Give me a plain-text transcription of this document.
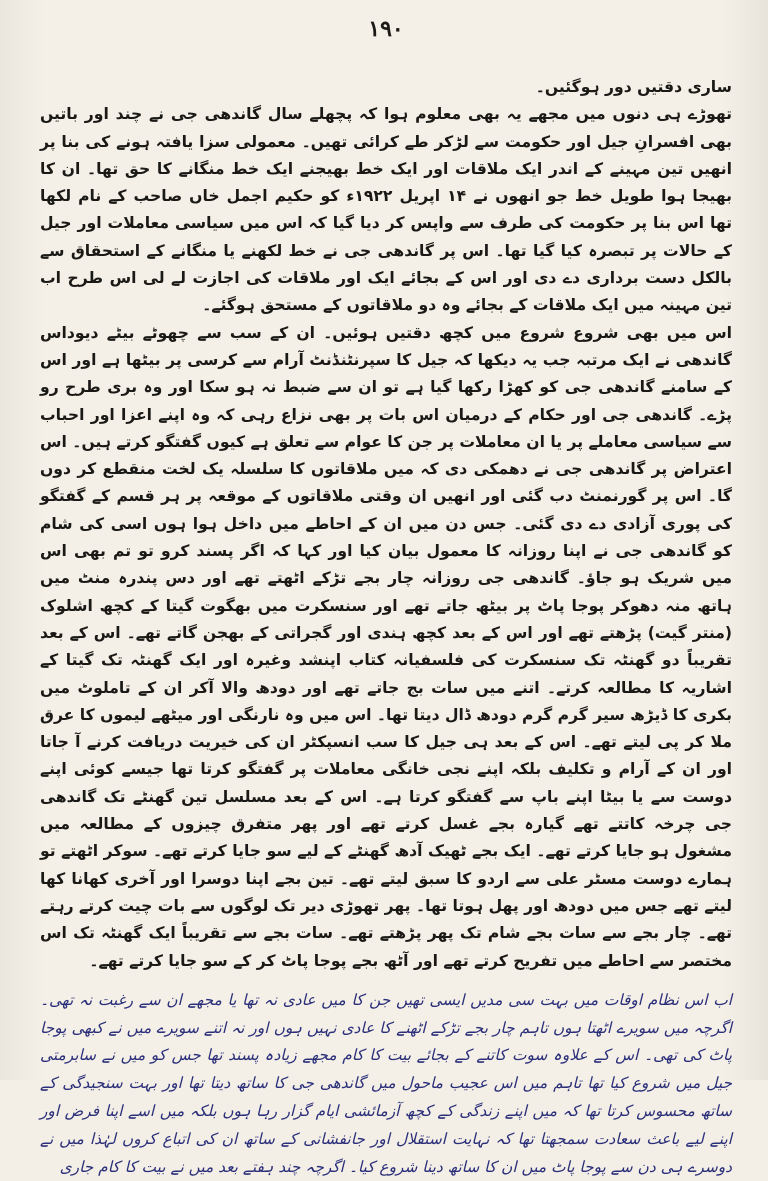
۱۹۰

ساری دقتیں دور ہوگئیں۔

تھوڑے ہی دنوں میں مجھے یہ بھی معلوم ہوا کہ پچھلے سال گاندھی جی نے چند اور باتیں بھی افسرانِ جیل اور حکومت سے لڑکر طے کرائی تھیں۔ معمولی سزا یافتہ ہونے کی بنا پر انھیں تین مہینے کے اندر ایک ملاقات اور ایک خط بھیجنے ایک خط منگانے کا حق تھا۔ ان کا بھیجا ہوا طویل خط جو انھوں نے ۱۴ اپریل ۱۹۲۲ء کو حکیم اجمل خاں صاحب کے نام لکھا تھا اس بنا پر حکومت کی طرف سے واپس کر دیا گیا کہ اس میں سیاسی معاملات اور جیل کے حالات پر تبصرہ کیا گیا تھا۔ اس پر گاندھی جی نے خط لکھنے یا منگانے کے استحقاق سے بالکل دست برداری دے دی اور اس کے بجائے ایک اور ملاقات کی اجازت لے لی اس طرح اب تین مہینہ میں ایک ملاقات کے بجائے وہ دو ملاقاتوں کے مستحق ہوگئے۔

اس میں بھی شروع شروع میں کچھ دقتیں ہوئیں۔ ان کے سب سے چھوٹے بیٹے دیوداس گاندھی نے ایک مرتبہ جب یہ دیکھا کہ جیل کا سپرنٹنڈنٹ آرام سے کرسی پر بیٹھا ہے اور اس کے سامنے گاندھی جی کو کھڑا رکھا گیا ہے تو ان سے ضبط نہ ہو سکا اور وہ بری طرح رو پڑے۔ گاندھی جی اور حکام کے درمیان اس بات پر بھی نزاع رہی کہ وہ اپنے اعزا اور احباب سے سیاسی معاملے پر یا ان معاملات پر جن کا عوام سے تعلق ہے کیوں گفتگو کرتے ہیں۔ اس اعتراض پر گاندھی جی نے دھمکی دی کہ میں ملاقاتوں کا سلسلہ یک لخت منقطع کر دوں گا۔ اس پر گورنمنٹ دب گئی اور انھیں ان وقتی ملاقاتوں کے موقعہ پر ہر قسم کے گفتگو کی پوری آزادی دے دی گئی۔ جس دن میں ان کے احاطے میں داخل ہوا ہوں اسی کی شام کو گاندھی جی نے اپنا روزانہ کا معمول بیان کیا اور کہا کہ اگر پسند کرو تو تم بھی اس میں شریک ہو جاؤ۔ گاندھی جی روزانہ چار بجے تڑکے اٹھتے تھے اور دس پندرہ منٹ میں ہاتھ منہ دھوکر پوجا پاٹ پر بیٹھ جاتے تھے اور سنسکرت میں بھگوت گیتا کے کچھ اشلوک (منتر گیت) پڑھتے تھے اور اس کے بعد کچھ ہندی اور گجراتی کے بھجن گاتے تھے۔ اس کے بعد تقریباً دو گھنٹہ تک سنسکرت کی فلسفیانہ کتاب اپنشد وغیرہ اور ایک گھنٹہ تک گیتا کے اشاریہ کا مطالعہ کرتے۔ اتنے میں سات بج جاتے تھے اور دودھ والا آکر ان کے تاملوٹ میں بکری کا ڈیڑھ سیر گرم گرم دودھ ڈال دیتا تھا۔ اس میں وہ نارنگی اور میٹھے لیموں کا عرق ملا کر پی لیتے تھے۔ اس کے بعد ہی جیل کا سب انسپکٹر ان کی خیریت دریافت کرنے آ جاتا اور ان کے آرام و تکلیف بلکہ اپنے نجی خانگی معاملات پر گفتگو کرتا تھا جیسے کوئی اپنے دوست سے یا بیٹا اپنے باپ سے گفتگو کرتا ہے۔ اس کے بعد مسلسل تین گھنٹے تک گاندھی جی چرخہ کاتتے تھے گیارہ بجے غسل کرتے تھے اور پھر متفرق چیزوں کے مطالعہ میں مشغول ہو جایا کرتے تھے۔ ایک بجے ٹھیک آدھ گھنٹے کے لیے سو جایا کرتے تھے۔ سوکر اٹھتے تو ہمارے دوست مسٹر علی سے اردو کا سبق لیتے تھے۔ تین بجے اپنا دوسرا اور آخری کھانا کھا لیتے تھے جس میں دودھ اور پھل ہوتا تھا۔ پھر تھوڑی دیر تک لوگوں سے بات چیت کرتے رہتے تھے۔ چار بجے سے سات بجے شام تک پھر پڑھتے تھے۔ سات بجے سے تقریباً ایک گھنٹہ تک اس مختصر سے احاطے میں تفریح کرتے تھے اور آٹھ بجے پوجا پاٹ کر کے سو جایا کرتے تھے۔

اب اس نظام اوقات میں بہت سی مدیں ایسی تھیں جن کا میں عادی نہ تھا یا مجھے ان سے رغبت نہ تھی۔ اگرچہ میں سویرے اٹھتا ہوں تاہم چار بجے تڑکے اٹھنے کا عادی نہیں ہوں اور نہ اتنے سویرے میں نے کبھی پوجا پاٹ کی تھی۔ اس کے علاوہ سوت کاتنے کے بجائے بیت کا کام مجھے زیادہ پسند تھا جس کو میں نے سابرمتی جیل میں شروع کیا تھا تاہم میں اس عجیب ماحول میں گاندھی جی کا ساتھ دیتا تھا اور بہت سنجیدگی کے ساتھ محسوس کرتا تھا کہ میں اپنے زندگی کے کچھ آزمائشی ایام گزار رہا ہوں بلکہ میں اسے اپنا فرض اور اپنے لیے باعث سعادت سمجھتا تھا کہ نہایت استقلال اور جانفشانی کے ساتھ ان کی اتباع کروں لہٰذا میں نے دوسرے ہی دن سے پوجا پاٹ میں ان کا ساتھ دینا شروع کیا۔ اگرچہ چند ہفتے بعد میں نے بیت کا کام جاری
